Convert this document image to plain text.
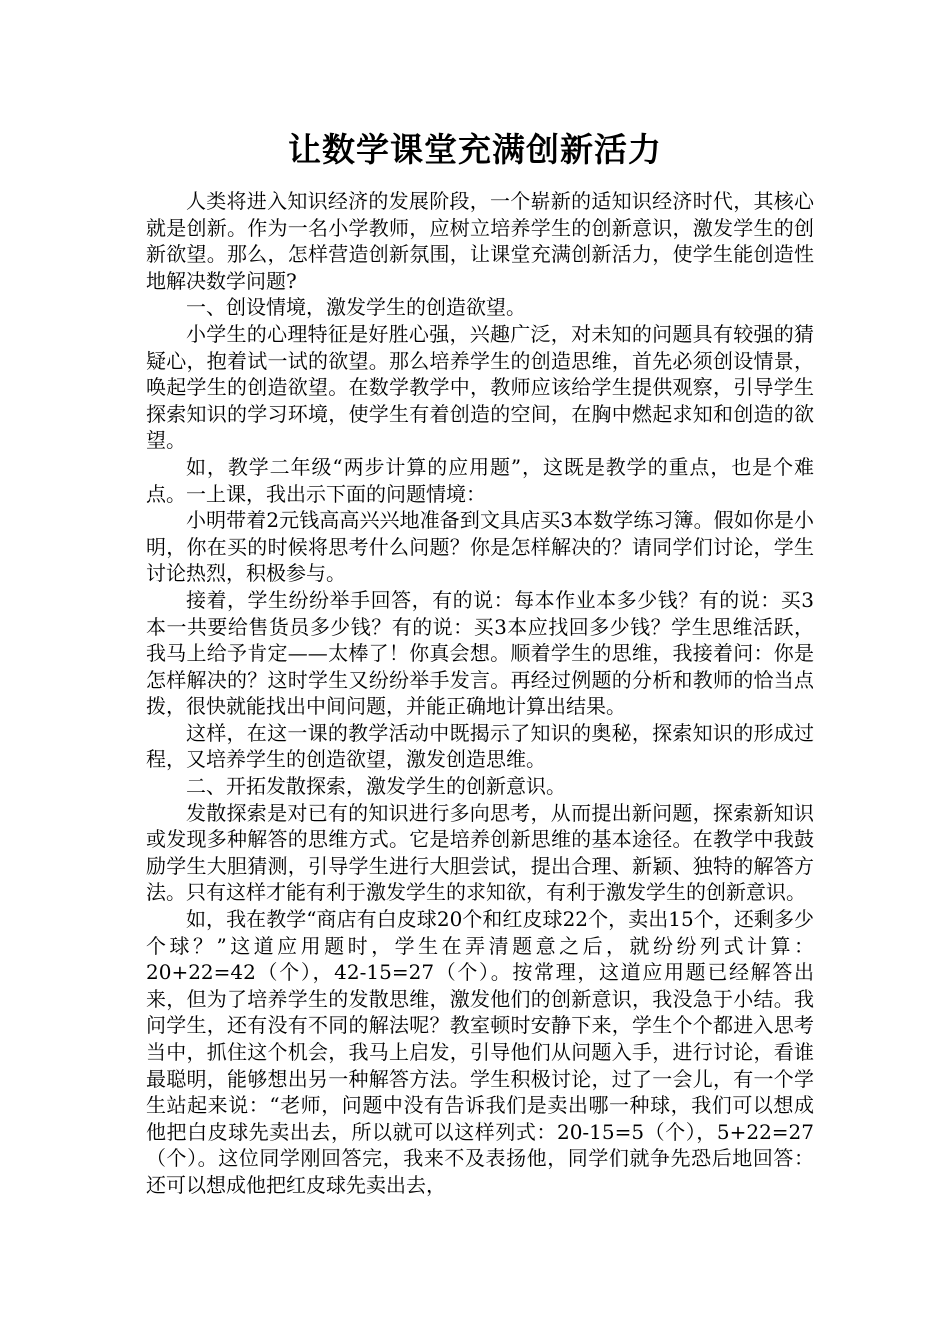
让数学课堂充满创新活力

人类将进入知识经济的发展阶段，一个崭新的适知识经济时代，其核心就是创新。作为一名小学教师，应树立培养学生的创新意识，激发学生的创新欲望。那么，怎样营造创新氛围，让课堂充满创新活力，使学生能创造性地解决数学问题?

一、创设情境，激发学生的创造欲望。

小学生的心理特征是好胜心强，兴趣广泛，对未知的问题具有较强的猜疑心，抱着试一试的欲望。那么培养学生的创造思维，首先必须创设情景，唤起学生的创造欲望。在数学教学中，教师应该给学生提供观察，引导学生探索知识的学习环境，使学生有着创造的空间，在胸中燃起求知和创造的欲望。

如，教学二年级“两步计算的应用题”，这既是教学的重点，也是个难点。一上课，我出示下面的问题情境：

小明带着2元钱高高兴兴地准备到文具店买3本数学练习簿。假如你是小明，你在买的时候将思考什么问题？你是怎样解决的？请同学们讨论，学生讨论热烈，积极参与。

接着，学生纷纷举手回答，有的说：每本作业本多少钱？有的说：买3本一共要给售货员多少钱？有的说：买3本应找回多少钱？学生思维活跃，我马上给予肯定——太棒了！你真会想。顺着学生的思维，我接着问：你是怎样解决的？这时学生又纷纷举手发言。再经过例题的分析和教师的恰当点拨，很快就能找出中间问题，并能正确地计算出结果。

这样，在这一课的教学活动中既揭示了知识的奥秘，探索知识的形成过程，又培养学生的创造欲望，激发创造思维。

二、开拓发散探索，激发学生的创新意识。

发散探索是对已有的知识进行多向思考，从而提出新问题，探索新知识或发现多种解答的思维方式。它是培养创新思维的基本途径。在教学中我鼓励学生大胆猜测，引导学生进行大胆尝试，提出合理、新颖、独特的解答方法。只有这样才能有利于激发学生的求知欲，有利于激发学生的创新意识。

如，我在教学“商店有白皮球20个和红皮球22个，卖出15个，还剩多少个球？”这道应用题时，学生在弄清题意之后，就纷纷列式计算：20+22=42（个），42-15=27（个）。按常理，这道应用题已经解答出来，但为了培养学生的发散思维，激发他们的创新意识，我没急于小结。我问学生，还有没有不同的解法呢？教室顿时安静下来，学生个个都进入思考当中，抓住这个机会，我马上启发，引导他们从问题入手，进行讨论，看谁最聪明，能够想出另一种解答方法。学生积极讨论，过了一会儿，有一个学生站起来说：“老师，问题中没有告诉我们是卖出哪一种球，我们可以想成他把白皮球先卖出去，所以就可以这样列式：20-15=5（个），5+22=27（个）。这位同学刚回答完，我来不及表扬他，同学们就争先恐后地回答：还可以想成他把红皮球先卖出去，
